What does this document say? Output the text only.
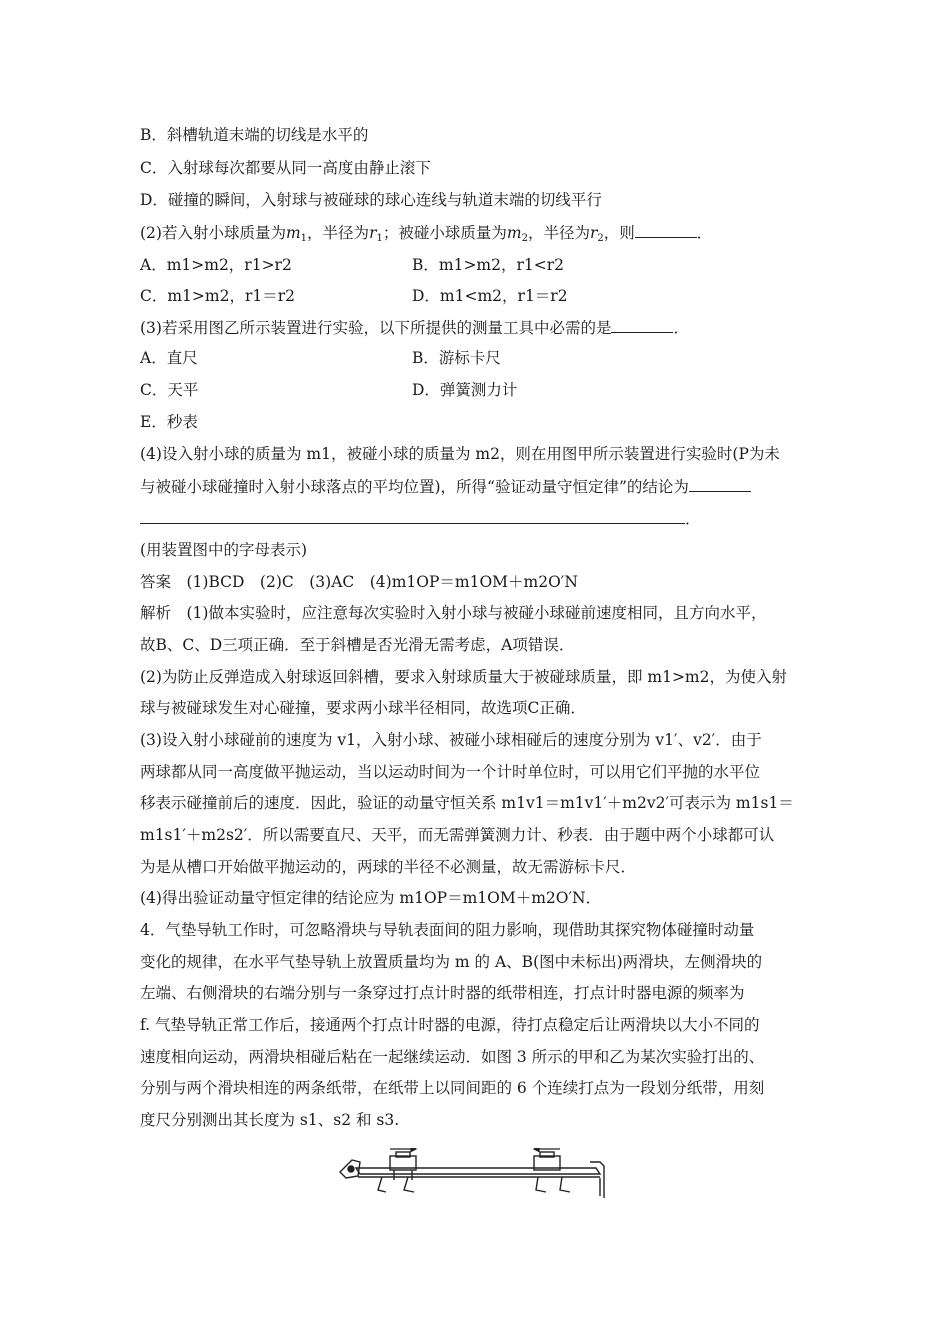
B．斜槽轨道末端的切线是水平的
C．入射球每次都要从同一高度由静止滚下
D．碰撞的瞬间，入射球与被碰球的球心连线与轨道末端的切线平行
(2)若入射小球质量为$m_1$，半径为$r_1$；被碰小球质量为$m_2$，半径为$r_2$，则	．
A．m1>m2，r1>r2	B．m1>m2，r1<r2
C．m1>m2，r1＝r2	D．m1<m2，r1＝r2
(3)若采用图乙所示装置进行实验，以下所提供的测量工具中必需的是	．
A．直尺	B．游标卡尺
C．天平	D．弹簧测力计
E．秒表
(4)设入射小球的质量为 m1，被碰小球的质量为 m2，则在用图甲所示装置进行实验时(P为未
与被碰小球碰撞时入射小球落点的平均位置)，所得“验证动量守恒定律”的结论为
．
(用装置图中的字母表示)
答案　(1)BCD　(2)C　(3)AC　(4)m1OP＝m1OM＋m2O′N
解析　(1)做本实验时，应注意每次实验时入射小球与被碰小球碰前速度相同，且方向水平，
故B、C、D三项正确．至于斜槽是否光滑无需考虑，A项错误．
(2)为防止反弹造成入射球返回斜槽，要求入射球质量大于被碰球质量，即 m1>m2，为使入射
球与被碰球发生对心碰撞，要求两小球半径相同，故选项C正确．
(3)设入射小球碰前的速度为 v1，入射小球、被碰小球相碰后的速度分别为 v1′、v2′．由于
两球都从同一高度做平抛运动，当以运动时间为一个计时单位时，可以用它们平抛的水平位
移表示碰撞前后的速度．因此，验证的动量守恒关系 m1v1＝m1v1′＋m2v2′可表示为 m1s1＝
m1s1′＋m2s2′．所以需要直尺、天平，而无需弹簧测力计、秒表．由于题中两个小球都可认
为是从槽口开始做平抛运动的，两球的半径不必测量，故无需游标卡尺．
(4)得出验证动量守恒定律的结论应为 m1OP＝m1OM＋m2O′N．
4．气垫导轨工作时，可忽略滑块与导轨表面间的阻力影响，现借助其探究物体碰撞时动量
变化的规律，在水平气垫导轨上放置质量均为 m 的 A、B(图中未标出)两滑块，左侧滑块的
左端、右侧滑块的右端分别与一条穿过打点计时器的纸带相连，打点计时器电源的频率为
f. 气垫导轨正常工作后，接通两个打点计时器的电源，待打点稳定后让两滑块以大小不同的
速度相向运动，两滑块相碰后粘在一起继续运动．如图 3 所示的甲和乙为某次实验打出的、
分别与两个滑块相连的两条纸带，在纸带上以同间距的 6 个连续打点为一段划分纸带，用刻
度尺分别测出其长度为 s1、s2 和 s3.
